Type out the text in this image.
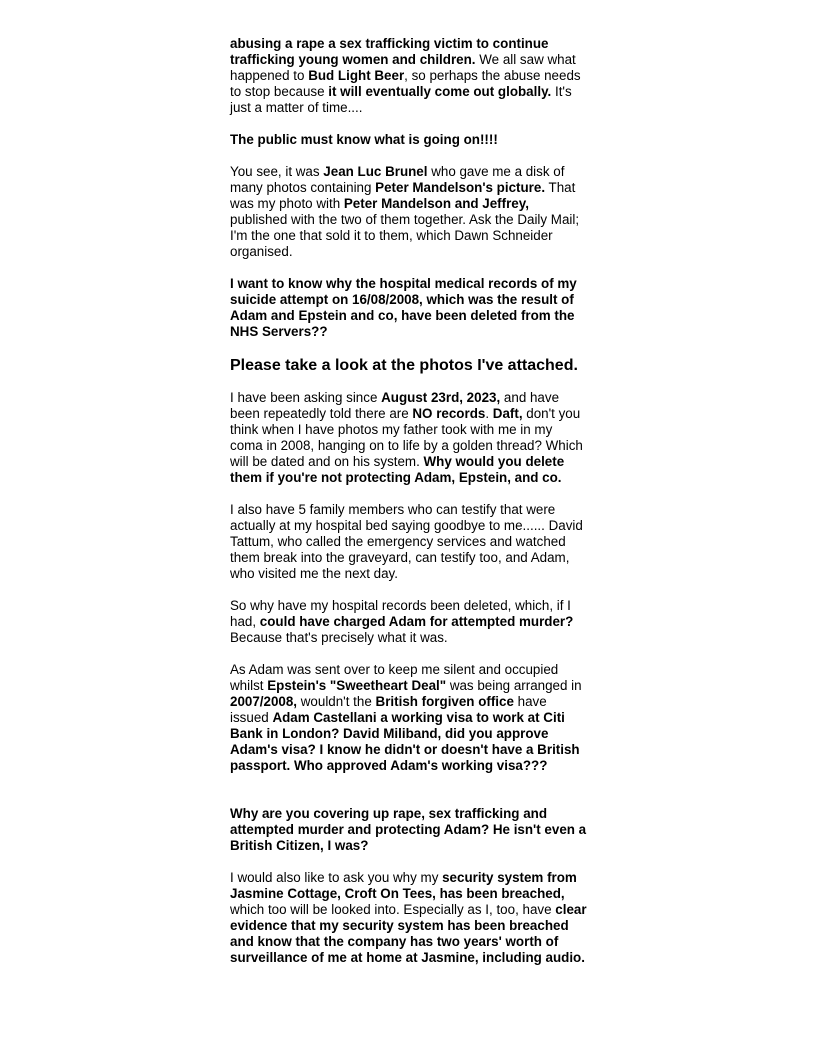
abusing a rape a sex trafficking victim to continue trafficking young women and children. We all saw what happened to Bud Light Beer, so perhaps the abuse needs to stop because it will eventually come out globally. It's just a matter of time....

The public must know what is going on!!!!

You see, it was Jean Luc Brunel who gave me a disk of many photos containing Peter Mandelson's picture. That was my photo with Peter Mandelson and Jeffrey, published with the two of them together. Ask the Daily Mail; I'm the one that sold it to them, which Dawn Schneider organised.

I want to know why the hospital medical records of my suicide attempt on 16/08/2008, which was the result of Adam and Epstein and co, have been deleted from the NHS Servers??

Please take a look at the photos I've attached.

I have been asking since August 23rd, 2023, and have been repeatedly told there are NO records. Daft, don't you think when I have photos my father took with me in my coma in 2008, hanging on to life by a golden thread? Which will be dated and on his system. Why would you delete them if you're not protecting Adam, Epstein, and co.

I also have 5 family members who can testify that were actually at my hospital bed saying goodbye to me...... David Tattum, who called the emergency services and watched them break into the graveyard, can testify too, and Adam, who visited me the next day.

So why have my hospital records been deleted, which, if I had, could have charged Adam for attempted murder? Because that's precisely what it was.

As Adam was sent over to keep me silent and occupied whilst Epstein's "Sweetheart Deal" was being arranged in 2007/2008, wouldn't the British forgiven office have issued Adam Castellani a working visa to work at Citi Bank in London? David Miliband, did you approve Adam's visa? I know he didn't or doesn't have a British passport. Who approved Adam's working visa???

Why are you covering up rape, sex trafficking and attempted murder and protecting Adam? He isn't even a British Citizen, I was?

I would also like to ask you why my security system from Jasmine Cottage, Croft On Tees, has been breached, which too will be looked into. Especially as I, too, have clear evidence that my security system has been breached and know that the company has two years' worth of surveillance of me at home at Jasmine, including audio.
